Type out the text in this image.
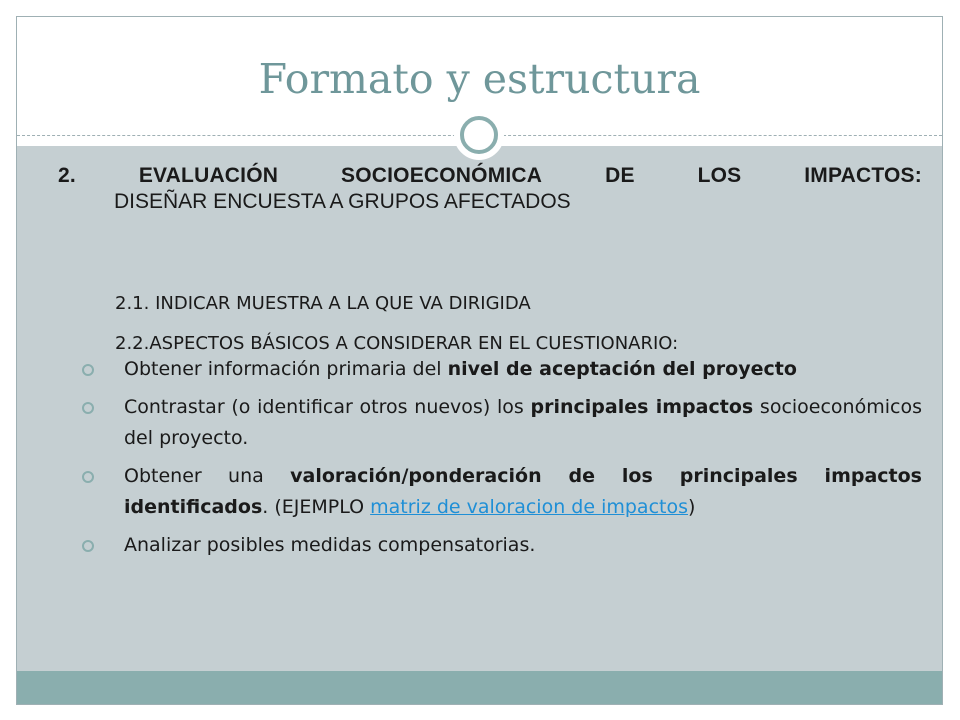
Formato y estructura
2.	EVALUACIÓN	SOCIOECONÓMICA	DE	LOS	IMPACTOS:
DISEÑAR ENCUESTA A GRUPOS AFECTADOS
2.1. INDICAR MUESTRA A LA QUE VA DIRIGIDA
2.2.ASPECTOS BÁSICOS A CONSIDERAR EN EL CUESTIONARIO:
Obtener información primaria del nivel de aceptación del proyecto
Contrastar (o identificar otros nuevos) los principales impactos socioeconómicos del proyecto.
Obtener una valoración/ponderación de los principales impactos identificados. (EJEMPLO matriz de valoracion de impactos)
Analizar posibles medidas compensatorias.
